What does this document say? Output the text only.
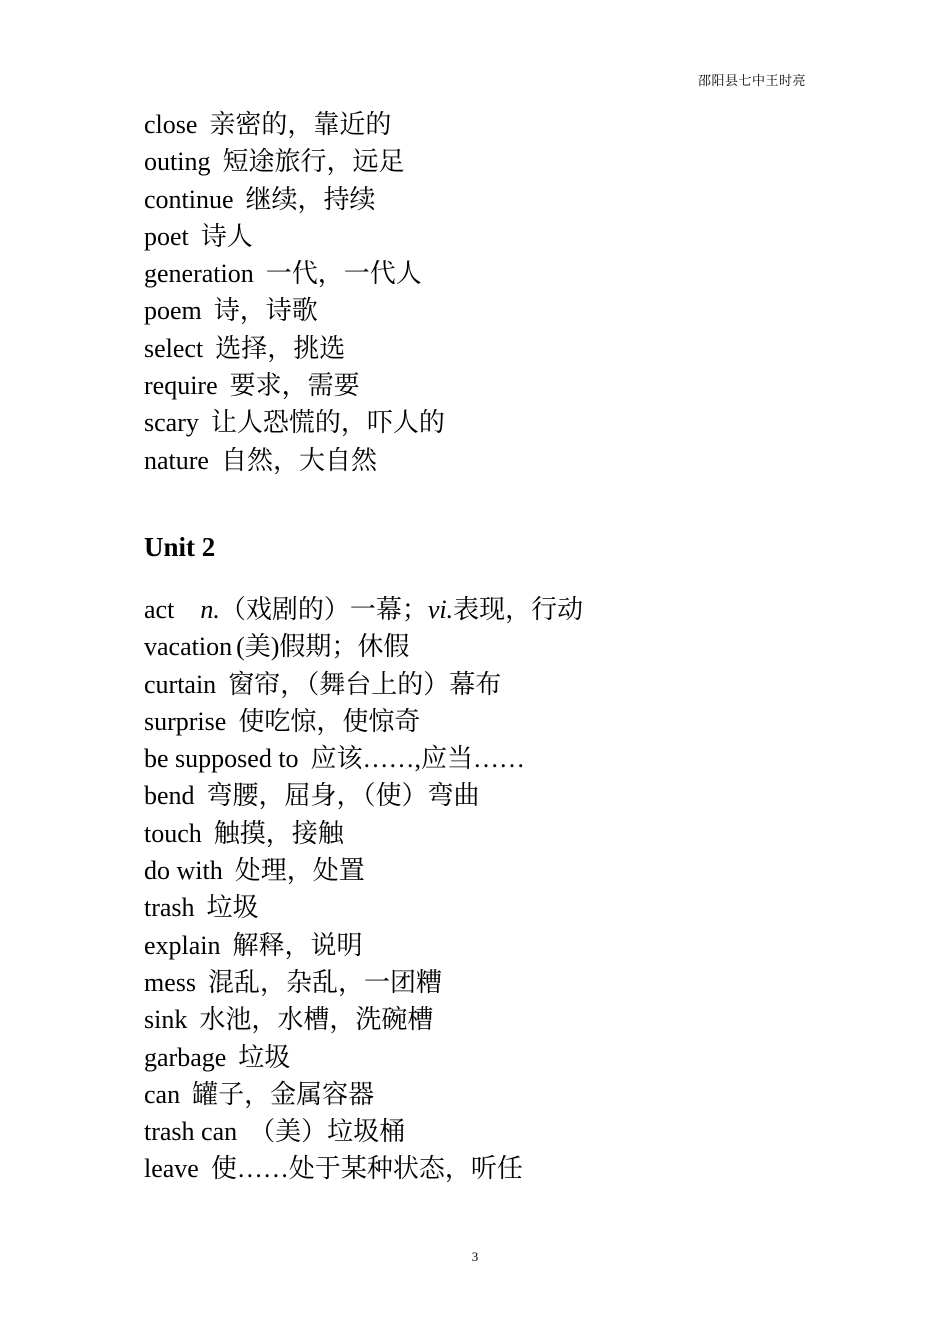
邵阳县七中王时亮
close 亲密的，靠近的
outing 短途旅行，远足
continue 继续，持续
poet 诗人
generation 一代，一代人
poem 诗，诗歌
select 选择，挑选
require 要求，需要
scary 让人恐慌的，吓人的
nature 自然，大自然
Unit 2
act n.（戏剧的）一幕；vi.表现，行动
vacation (美)假期；休假
curtain 窗帘，（舞台上的）幕布
surprise 使吃惊，使惊奇
be supposed to 应该……,应当……
bend 弯腰，屈身，（使）弯曲
touch 触摸，接触
do with 处理，处置
trash 垃圾
explain 解释，说明
mess 混乱，杂乱，一团糟
sink 水池，水槽，洗碗槽
garbage 垃圾
can 罐子，金属容器
trash can （美）垃圾桶
leave 使……处于某种状态，听任
3
